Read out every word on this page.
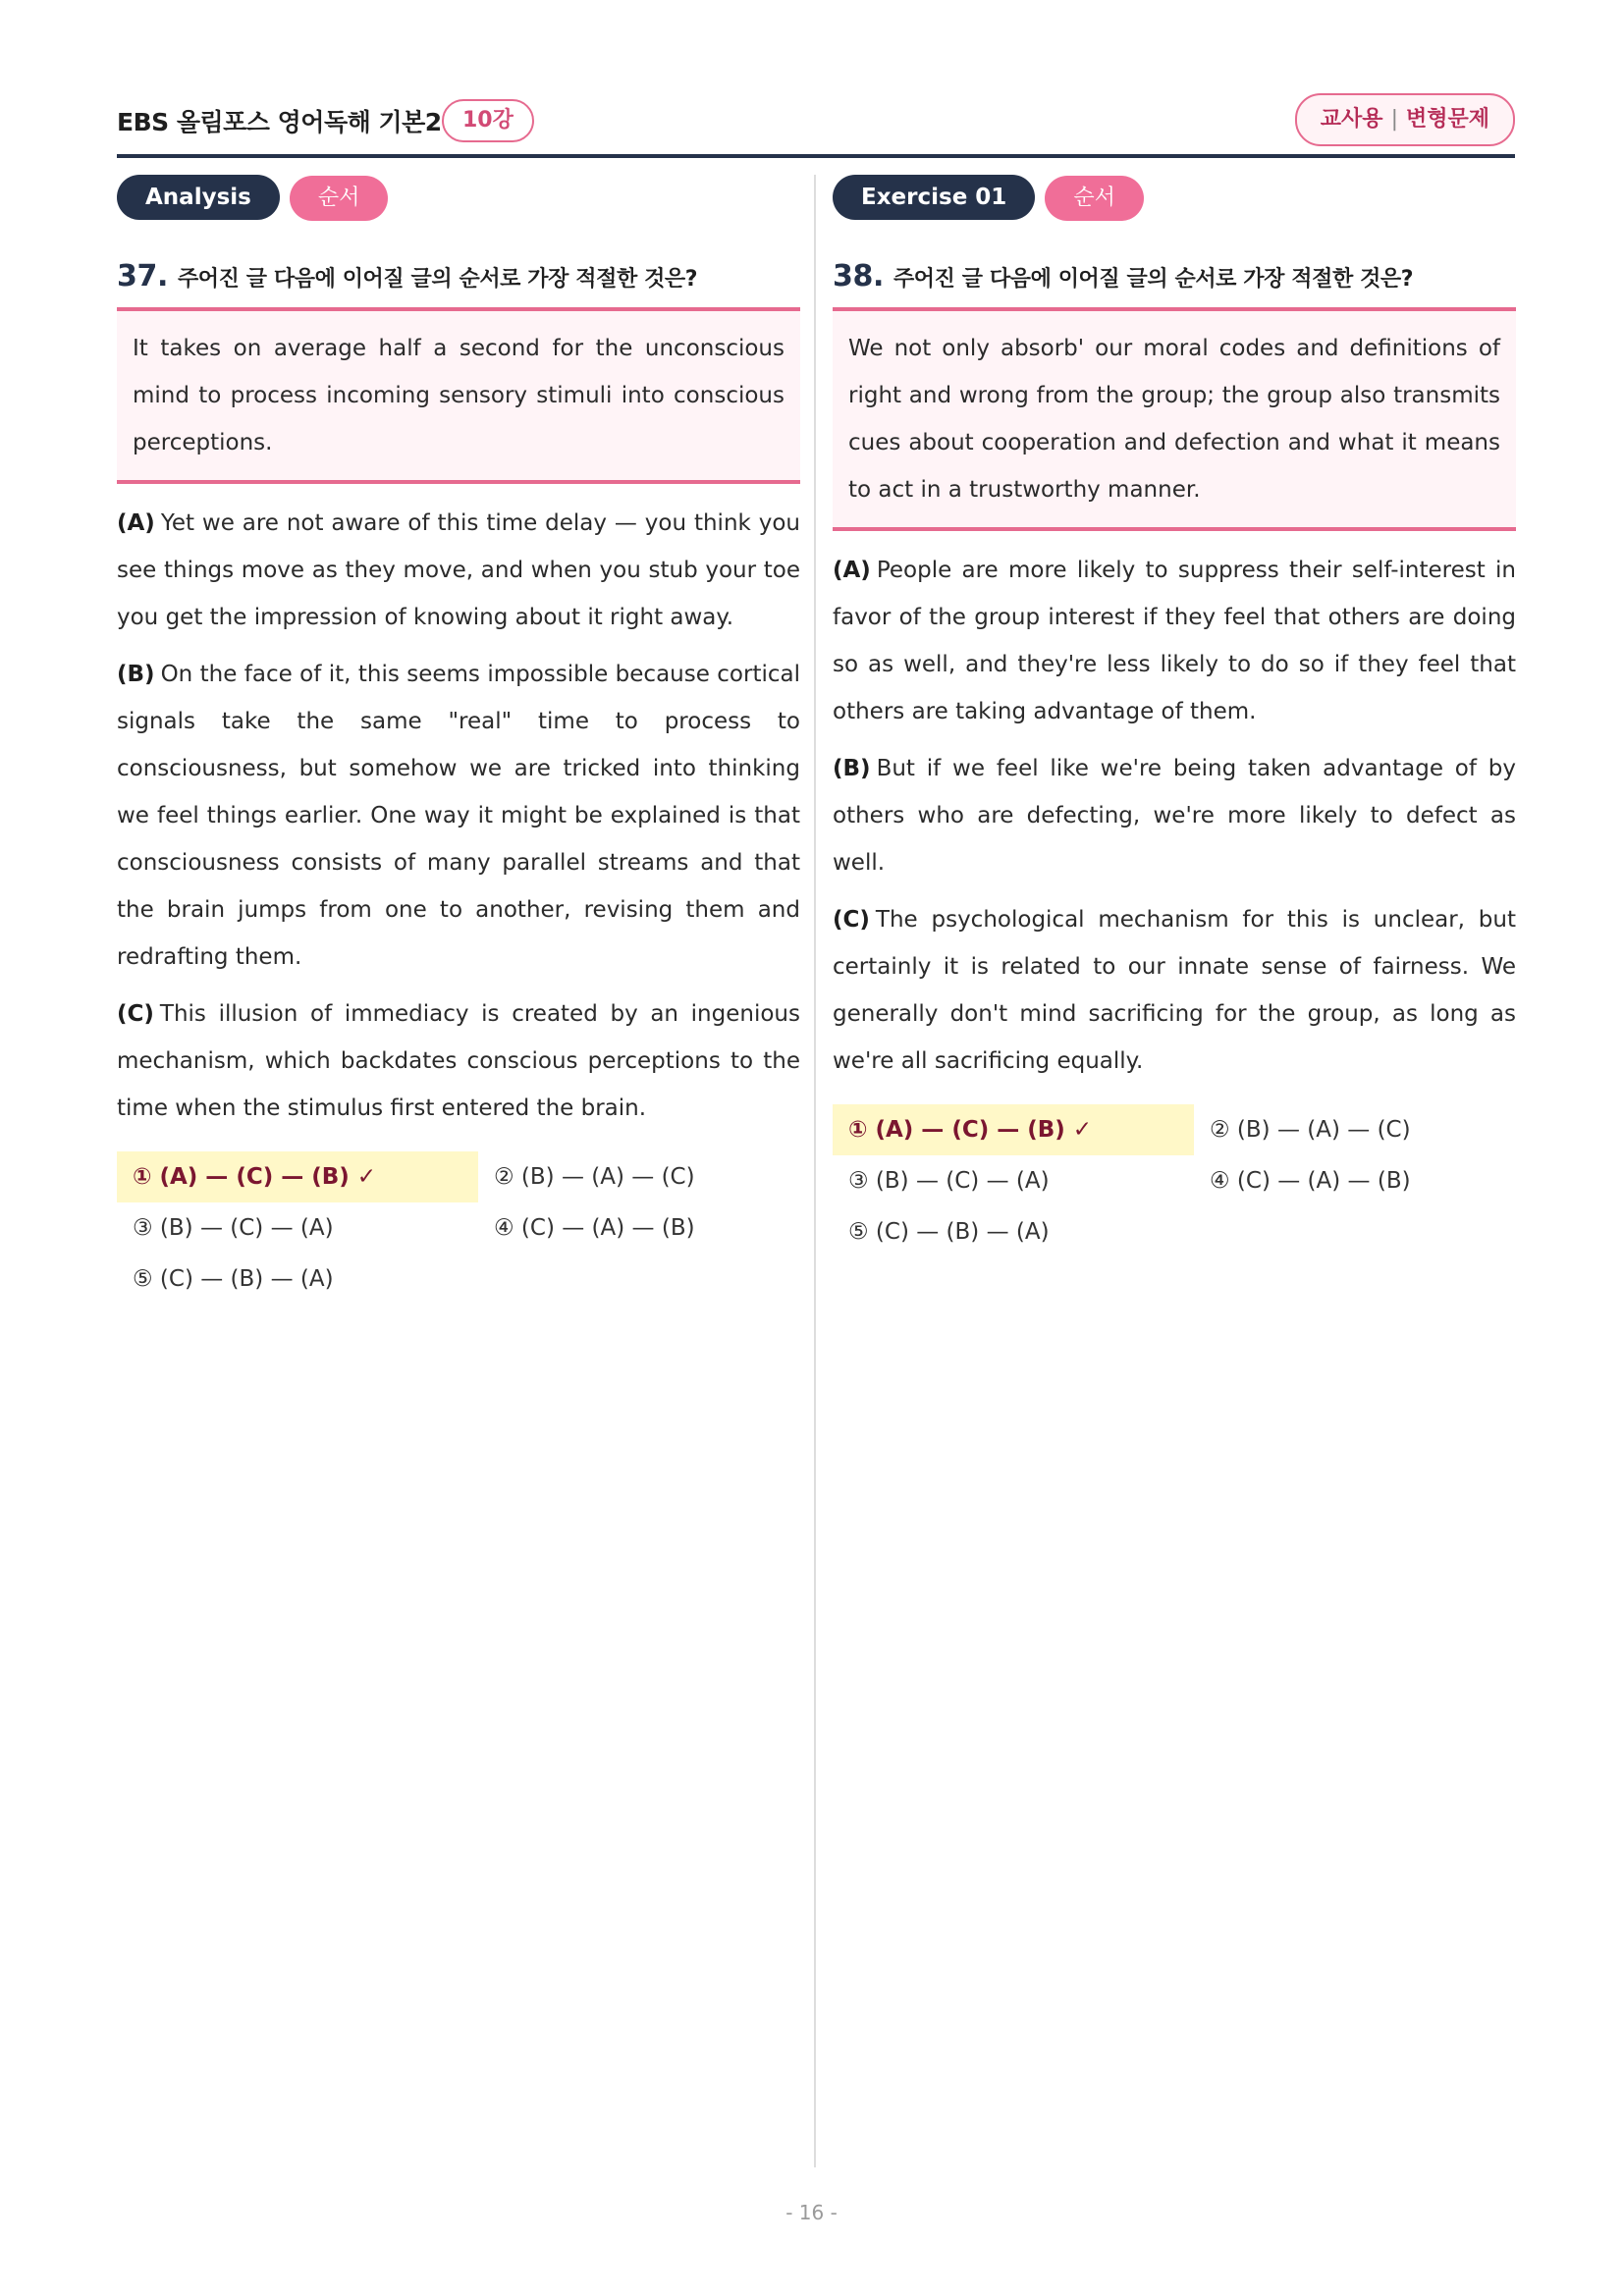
EBS 올림포스 영어독해 기본2 10강	교사용 | 변형문제
Analysis	순서
37. 주어진 글 다음에 이어질 글의 순서로 가장 적절한 것은?
It takes on average half a second for the unconscious mind to process incoming sensory stimuli into conscious perceptions.
(A) Yet we are not aware of this time delay — you think you see things move as they move, and when you stub your toe you get the impression of knowing about it right away.
(B) On the face of it, this seems impossible because cortical signals take the same "real" time to process to consciousness, but somehow we are tricked into thinking we feel things earlier. One way it might be explained is that consciousness consists of many parallel streams and that the brain jumps from one to another, revising them and redrafting them.
(C) This illusion of immediacy is created by an ingenious mechanism, which backdates conscious perceptions to the time when the stimulus first entered the brain.
① (A) — (C) — (B) ✓	② (B) — (A) — (C)
③ (B) — (C) — (A)	④ (C) — (A) — (B)
⑤ (C) — (B) — (A)
Exercise 01	순서
38. 주어진 글 다음에 이어질 글의 순서로 가장 적절한 것은?
We not only absorb' our moral codes and definitions of right and wrong from the group; the group also transmits cues about cooperation and defection and what it means to act in a trustworthy manner.
(A) People are more likely to suppress their self-interest in favor of the group interest if they feel that others are doing so as well, and they're less likely to do so if they feel that others are taking advantage of them.
(B) But if we feel like we're being taken advantage of by others who are defecting, we're more likely to defect as well.
(C) The psychological mechanism for this is unclear, but certainly it is related to our innate sense of fairness. We generally don't mind sacrificing for the group, as long as we're all sacrificing equally.
① (A) — (C) — (B) ✓	② (B) — (A) — (C)
③ (B) — (C) — (A)	④ (C) — (A) — (B)
⑤ (C) — (B) — (A)
- 16 -
